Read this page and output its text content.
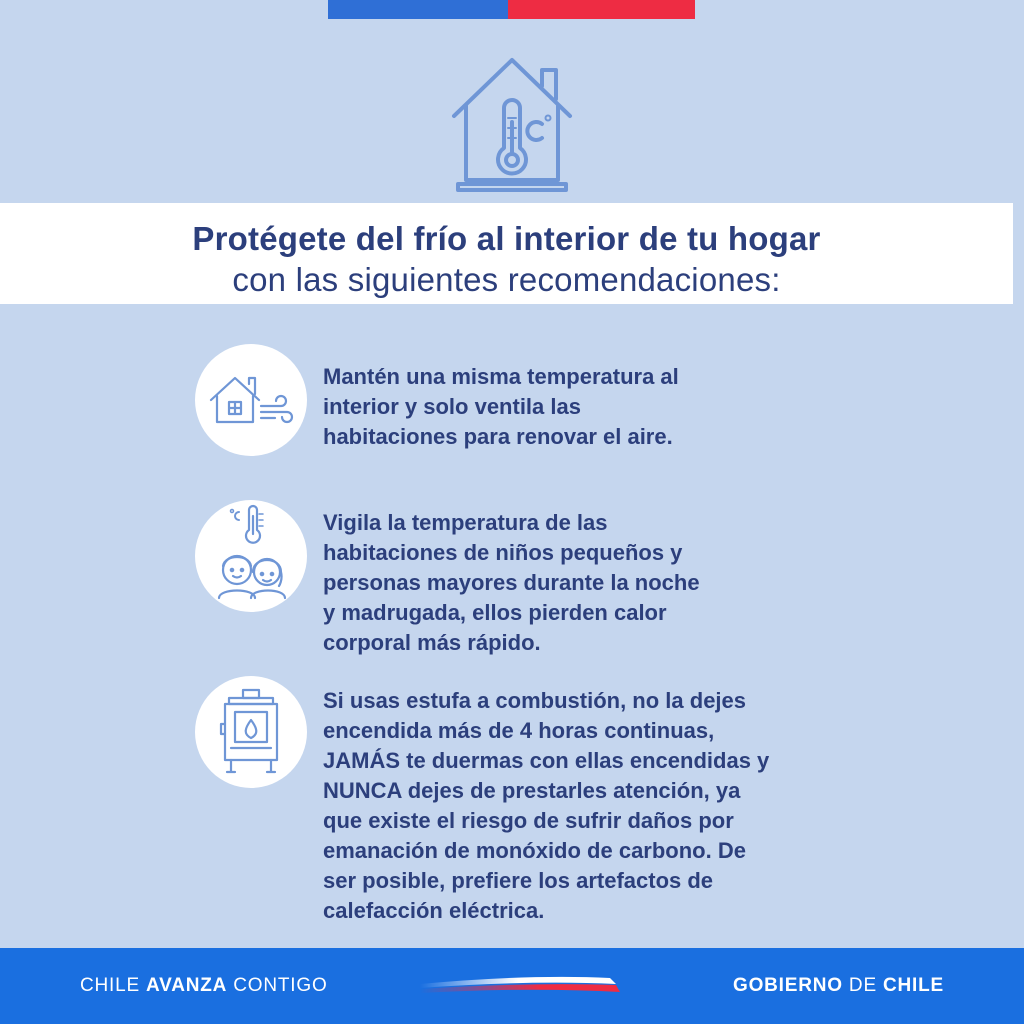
Protégete del frío al interior de tu hogar
con las siguientes recomendaciones:
Mantén una misma temperatura al
interior y solo ventila las
habitaciones para renovar el aire.
Vigila la temperatura de las
habitaciones de niños pequeños y
personas mayores durante la noche
y madrugada, ellos pierden calor
corporal más rápido.
Si usas estufa a combustión, no la dejes
encendida más de 4 horas continuas,
JAMÁS te duermas con ellas encendidas y
NUNCA dejes de prestarles atención, ya
que existe el riesgo de sufrir daños por
emanación de monóxido de carbono. De
ser posible, prefiere los artefactos de
calefacción eléctrica.
CHILE AVANZA CONTIGO	GOBIERNO DE CHILE
